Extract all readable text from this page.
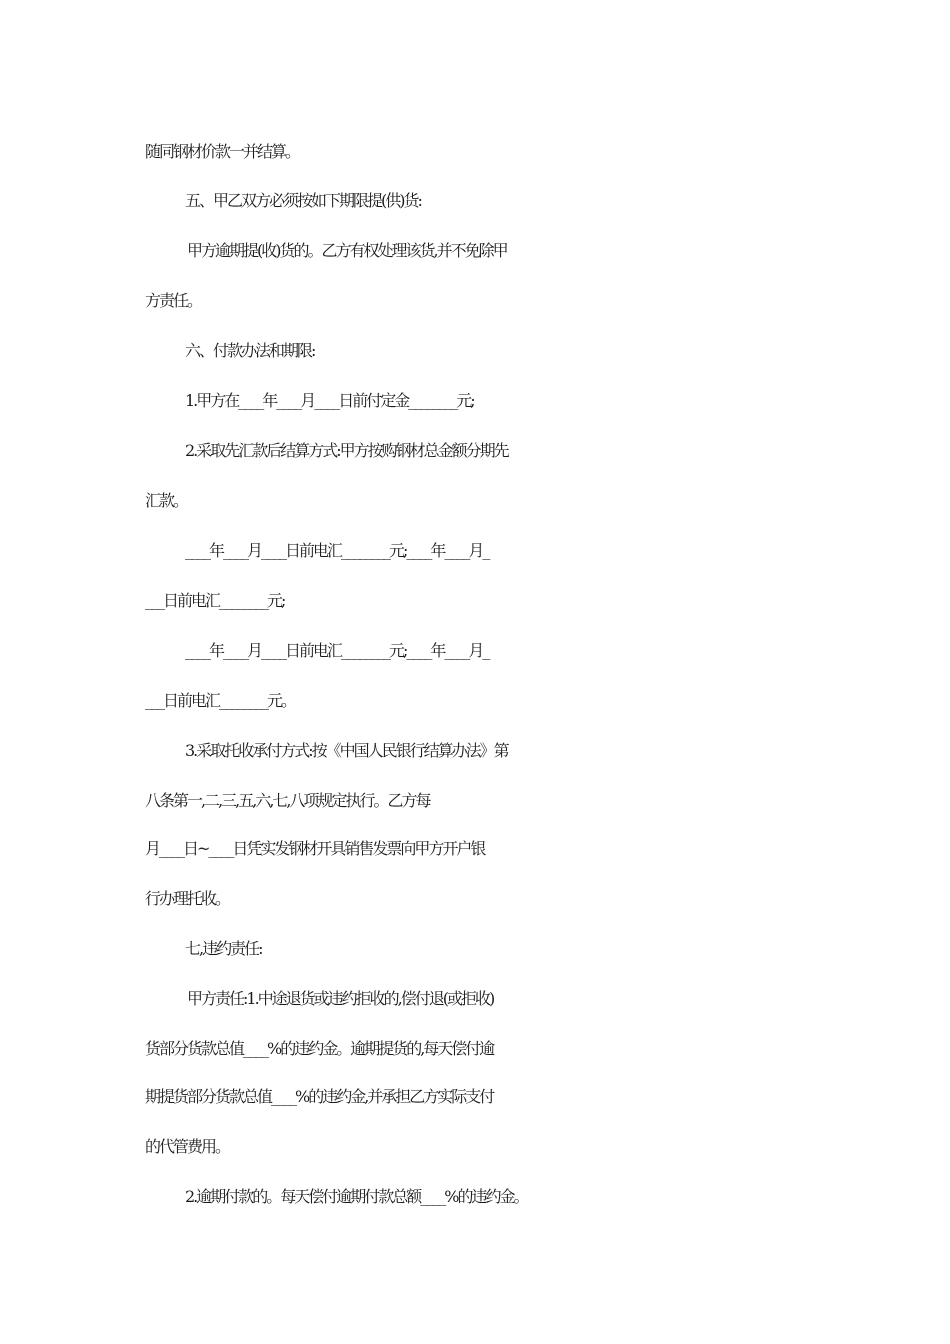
随同钢材价款一并结算。
五、甲乙双方必须按如下期限提(供)货:
甲方逾期提(收)货的。乙方有权处理该货,并不免除甲
方责任。
六、付款办法和期限:
1.甲方在____年____月____日前付定金________元;
2.采取先汇款后结算方式:甲方按购钢材总金额分期先
汇款。
____年____月____日前电汇________元;____年____月_
___日前电汇________元;
____年____月____日前电汇________元;____年____月_
___日前电汇________元。
3.采取托收承付方式:按《中国人民银行结算办法》第
八条第一,二,三,五,六,七,八项规定执行。乙方每
月____日~____日凭实发钢材开具销售发票向甲方开户银
行办理托收。
七,违约责任:
甲方责任:1.中途退货或违约拒收的,偿付退(或拒收)
货部分货款总值____%的违约金。逾期提货的,每天偿付逾
期提货部分货款总值____%的违约金,并承担乙方实际支付
的代管费用。
2.逾期付款的。每天偿付逾期付款总额____%的违约金。
